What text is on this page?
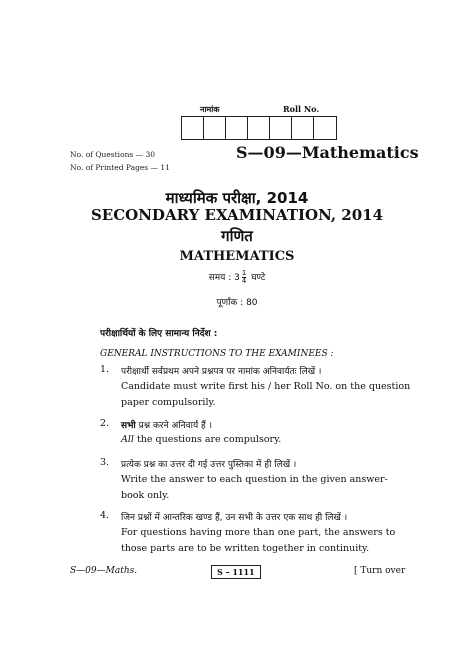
नामांक	Roll No.
No. of Questions — 30
No. of Printed Pages — 11
S—09—Mathematics
माध्यमिक परीक्षा, 2014
SECONDARY EXAMINATION, 2014
गणित
MATHEMATICS
समय : $3 \frac{1}{4}$ घण्टे
पूर्णांक : 80
परीक्षार्थियों के लिए सामान्य निर्देश :
GENERAL INSTRUCTIONS TO THE EXAMINEES :
1. परीक्षार्थी सर्वप्रथम अपने प्रश्नपत्र पर नामांक अनिवार्यतः लिखें ।
Candidate must write first his / her Roll No. on the question paper compulsorily.
2. सभी प्रश्न करने अनिवार्य हैं ।
All the questions are compulsory.
3. प्रत्येक प्रश्न का उत्तर दी गई उत्तर पुस्तिका में ही लिखें ।
Write the answer to each question in the given answer-book only.
4. जिन प्रश्नों में आन्तरिक खण्ड हैं, उन सभी के उत्तर एक साथ ही लिखें ।
For questions having more than one part, the answers to those parts are to be written together in continuity.
S—09—Maths.	S – 1111	[ Turn over
